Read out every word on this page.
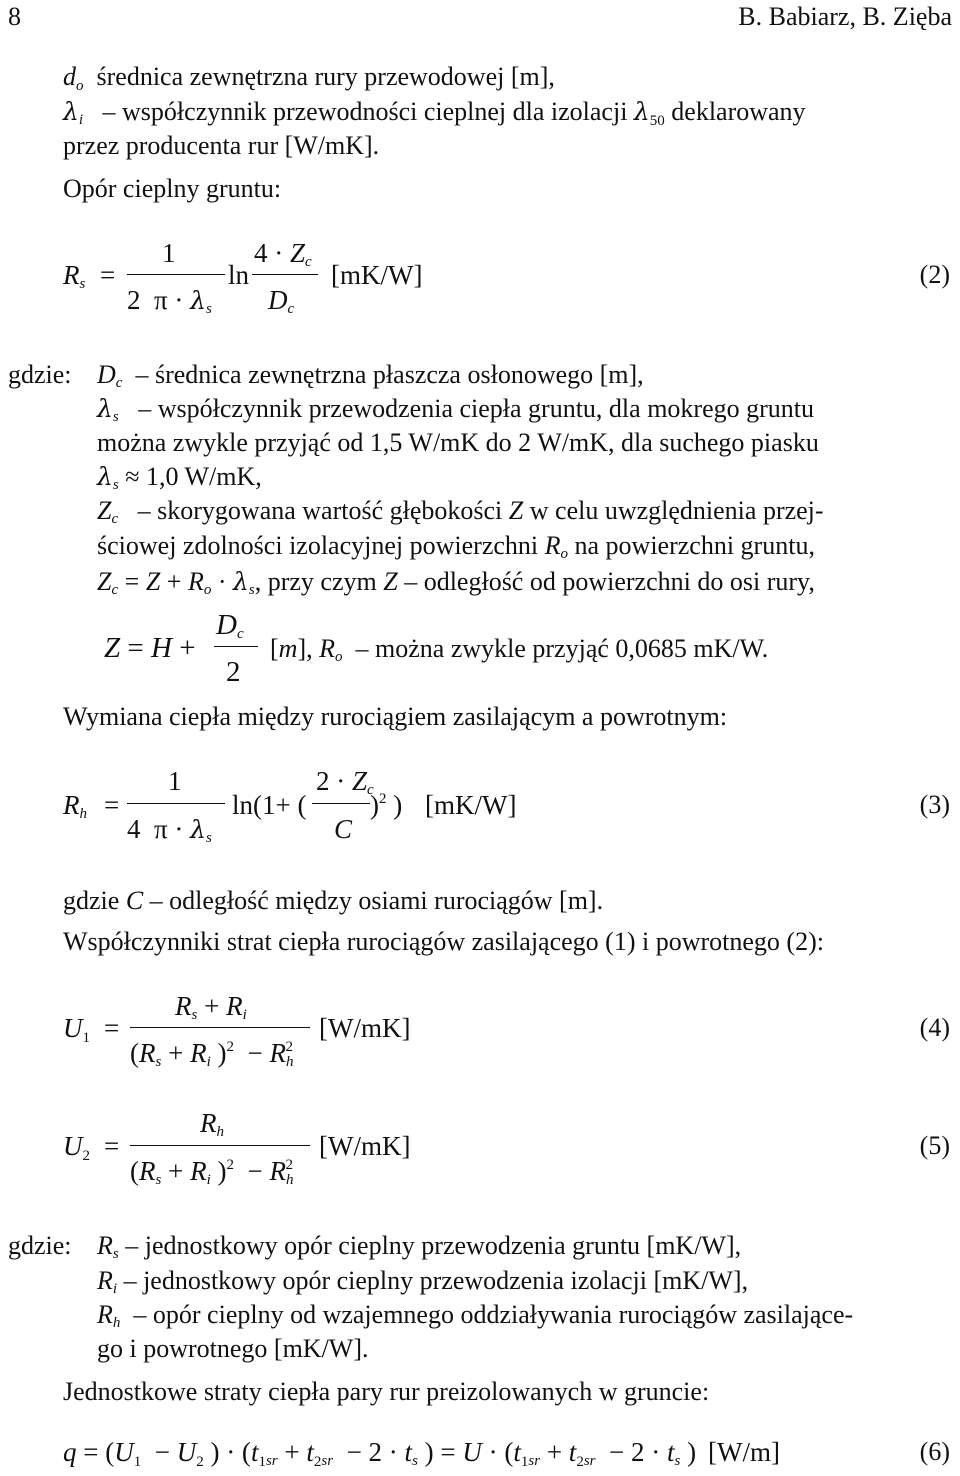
8	B. Babiarz, B. Zięba
$d_o$ średnica zewnętrzna rury przewodowej [m],
λi – współczynnik przewodności cieplnej dla izolacji $\lambda_{50}$ deklarowany
przez producenta rur [W/mK].
Opór cieplny gruntu:
Rs =
1
2  π · λs
ln
4 · Zc
Dc
[mK/W]	(2)
gdzie: Dc – średnica zewnętrzna płaszcza osłonowego [m],
λs – współczynnik przewodzenia ciepła gruntu, dla mokrego gruntu
można zwykle przyjąć od 1,5 W/mK do 2 W/mK, dla suchego piasku
λs ≈ 1,0 W/mK,
Zc – skorygowana wartość głębokości Z w celu uwzględnienia przej-
ściowej zdolności izolacyjnej powierzchni Ro na powierzchni gruntu,
Zc = Z + Ro · λs, przy czym Z – odległość od powierzchni do osi rury,
Z = H +
Dc
2
[m], Ro – można zwykle przyjąć 0,0685 mK/W.
Wymiana ciepła między rurociągiem zasilającym a powrotnym:
Rh =
1
4  π · λs
ln(1+ (
2 · Zc
C
)$^2$ ) [mK/W]	(3)
gdzie C – odległość między osiami rurociągów [m].
Współczynniki strat ciepła rurociągów zasilającego (1) i powrotnego (2):
$U_1$ =
Rs + Ri
(Rs + Ri )$^2 - Rh^2$
[W/mK]	(4)
$U_2$ =
Rh
(Rs + Ri )$^2 - Rh^2$
[W/mK]	(5)
gdzie: Rs – jednostkowy opór cieplny przewodzenia gruntu [mK/W],
Ri – jednostkowy opór cieplny przewodzenia izolacji [mK/W],
Rh – opór cieplny od wzajemnego oddziaływania rurociągów zasilające-
go i powrotnego [mK/W].
Jednostkowe straty ciepła pary rur preizolowanych w gruncie:
$q = (U_1 - U_2$ ) · ($t_1sr + t_2sr - 2$ · ts ) = $U \cdot (t_1sr + t_2sr - 2$ · ts ) [W/m]	(6)
